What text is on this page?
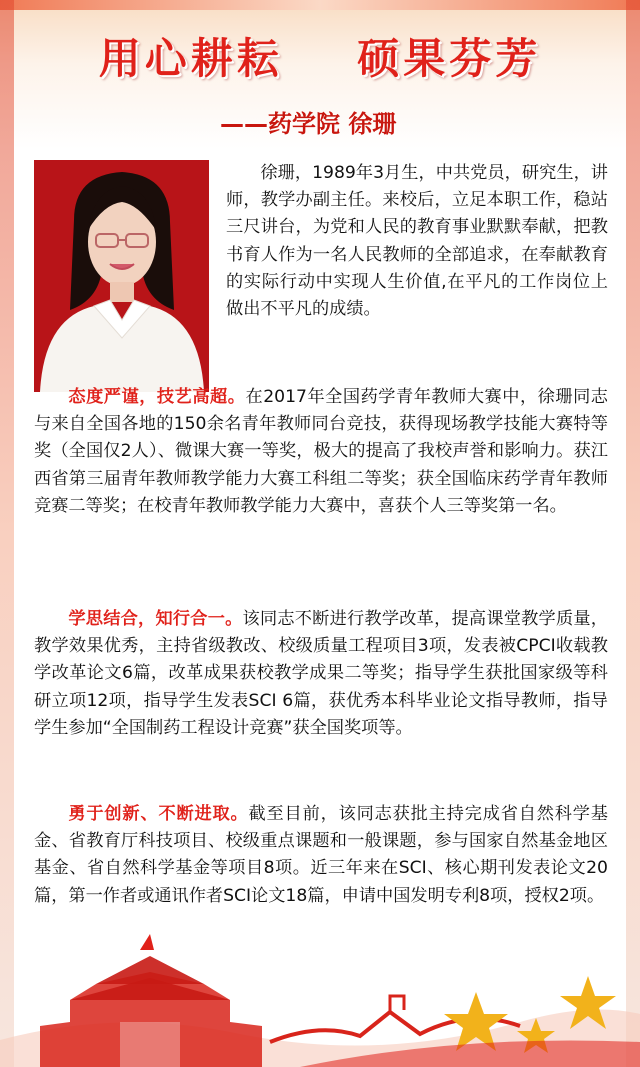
用心耕耘    硕果芬芳
——药学院 徐珊
徐珊，1989年3月生，中共党员，研究生，讲师，教学办副主任。来校后，立足本职工作，稳站三尺讲台，为党和人民的教育事业默默奉献，把教书育人作为一名人民教师的全部追求，在奉献教育的实际行动中实现人生价值,在平凡的工作岗位上做出不平凡的成绩。

态度严谨，技艺高超。在2017年全国药学青年教师大赛中，徐珊同志与来自全国各地的150余名青年教师同台竞技，获得现场教学技能大赛特等奖（全国仅2人）、微课大赛一等奖，极大的提高了我校声誉和影响力。获江西省第三届青年教师教学能力大赛工科组二等奖；获全国临床药学青年教师竞赛二等奖；在校青年教师教学能力大赛中，喜获个人三等奖第一名。

学思结合，知行合一。该同志不断进行教学改革，提高课堂教学质量，教学效果优秀，主持省级教改、校级质量工程项目3项，发表被CPCI收载教学改革论文6篇，改革成果获校教学成果二等奖；指导学生获批国家级等科研立项12项，指导学生发表SCI 6篇，获优秀本科毕业论文指导教师，指导学生参加“全国制药工程设计竞赛”获全国奖项等。

勇于创新、不断进取。截至目前，该同志获批主持完成省自然科学基金、省教育厅科技项目、校级重点课题和一般课题，参与国家自然基金地区基金、省自然科学基金等项目8项。近三年来在SCI、核心期刊发表论文20篇，第一作者或通讯作者SCI论文18篇，申请中国发明专利8项，授权2项。
